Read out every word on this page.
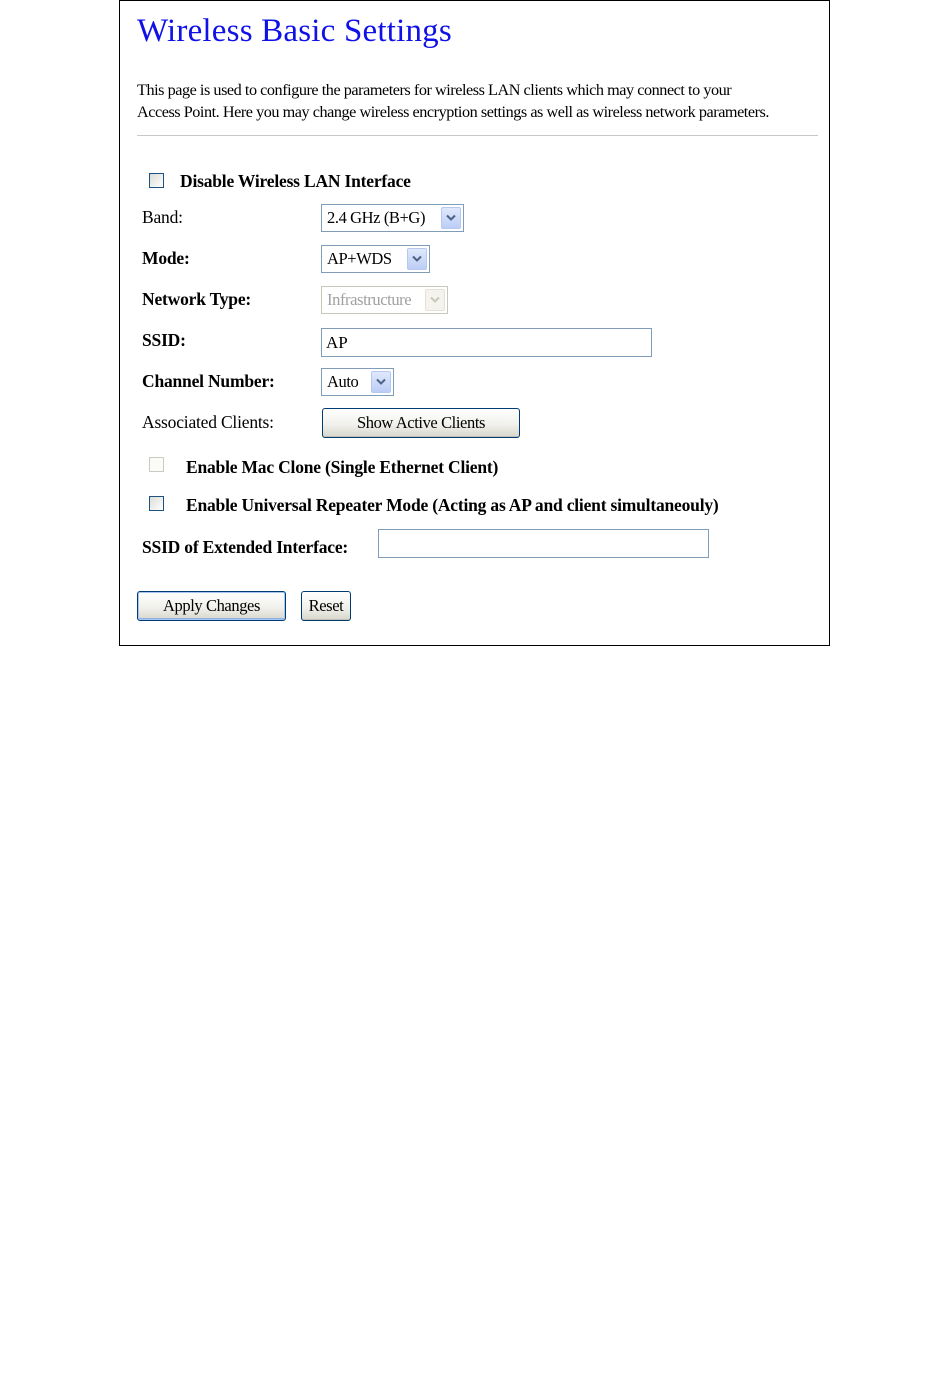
Wireless Basic Settings
This page is used to configure the parameters for wireless LAN clients which may connect to your
Access Point. Here you may change wireless encryption settings as well as wireless network parameters.
Disable Wireless LAN Interface
Band:	2.4 GHz (B+G)
Mode:	AP+WDS
Network Type:	Infrastructure
SSID:
AP
Channel Number:	Auto
Associated Clients:	Show Active Clients
Enable Mac Clone (Single Ethernet Client)
Enable Universal Repeater Mode (Acting as AP and client simultaneouly)
SSID of Extended Interface:
Apply Changes	Reset
